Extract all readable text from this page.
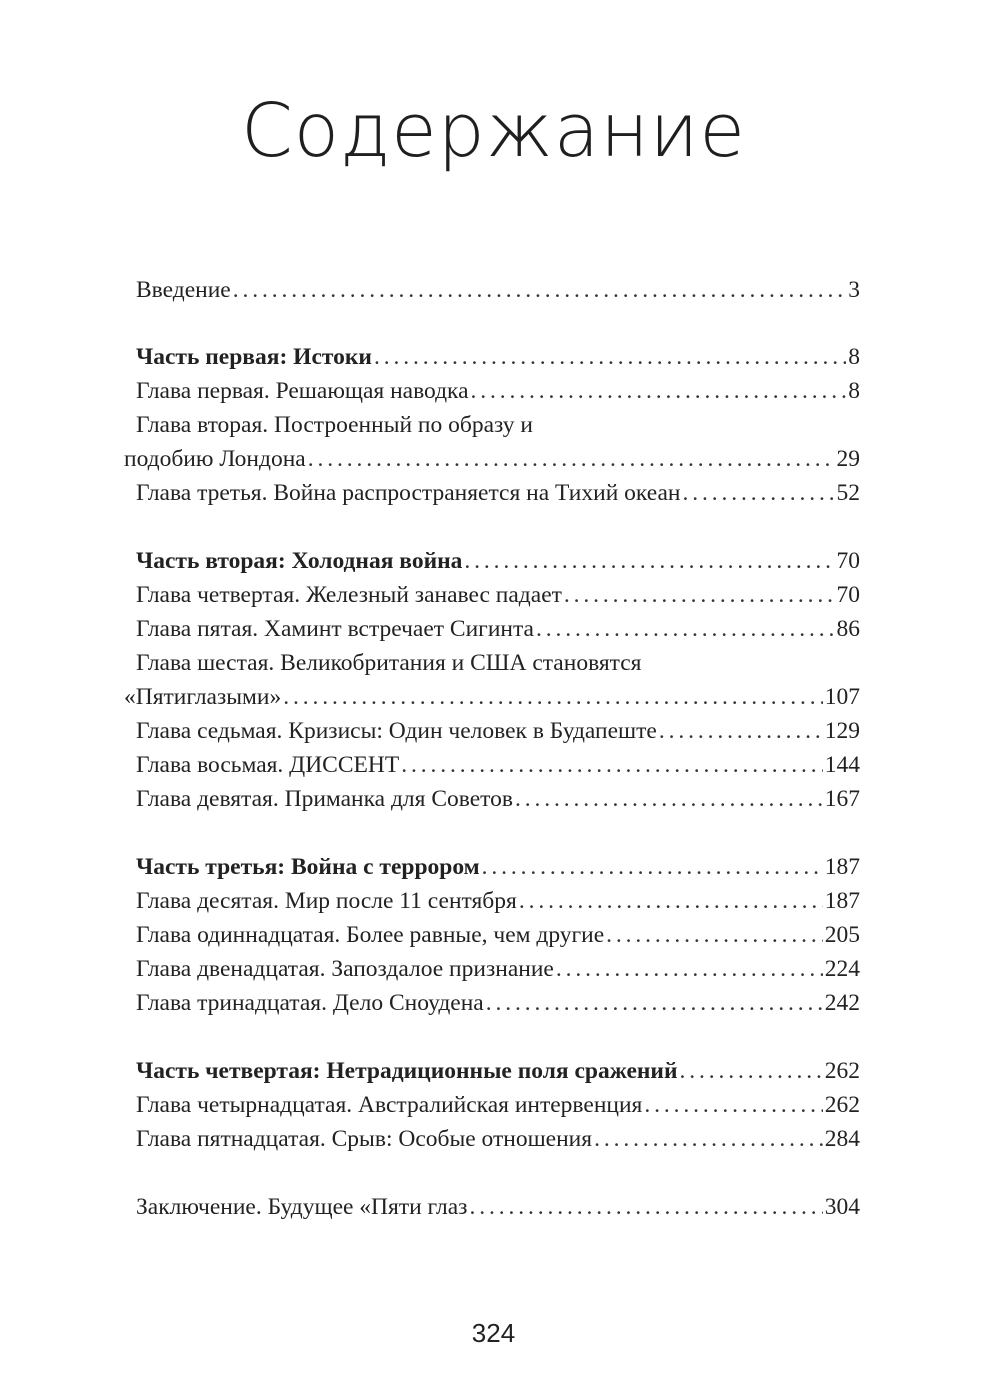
Содержание
Введение . . .	3
Часть первая: Истоки . . .	8
Глава первая. Решающая наводка . . .	8
Глава вторая. Построенный по образу и
подобию Лондона . . .	29
Глава третья. Война распространяется на Тихий океан . . .	52
Часть вторая: Холодная война . . .	70
Глава четвертая. Железный занавес падает . . .	70
Глава пятая. Хаминт встречает Сигинта . . .	86
Глава шестая. Великобритания и США становятся
«Пятиглазыми» . . .	107
Глава седьмая. Кризисы: Один человек в Будапеште . . .	129
Глава восьмая. ДИССЕНТ . . .	144
Глава девятая. Приманка для Советов . . .	167
Часть третья: Война с террором . . .	187
Глава десятая. Мир после 11 сентября . . .	187
Глава одиннадцатая. Более равные, чем другие . . .	205
Глава двенадцатая. Запоздалое признание . . .	224
Глава тринадцатая. Дело Сноудена . . .	242
Часть четвертая: Нетрадиционные поля сражений . . .	262
Глава четырнадцатая. Австралийская интервенция . . .	262
Глава пятнадцатая. Срыв: Особые отношения . . .	284
Заключение. Будущее «Пяти глаз . . .	304
324
